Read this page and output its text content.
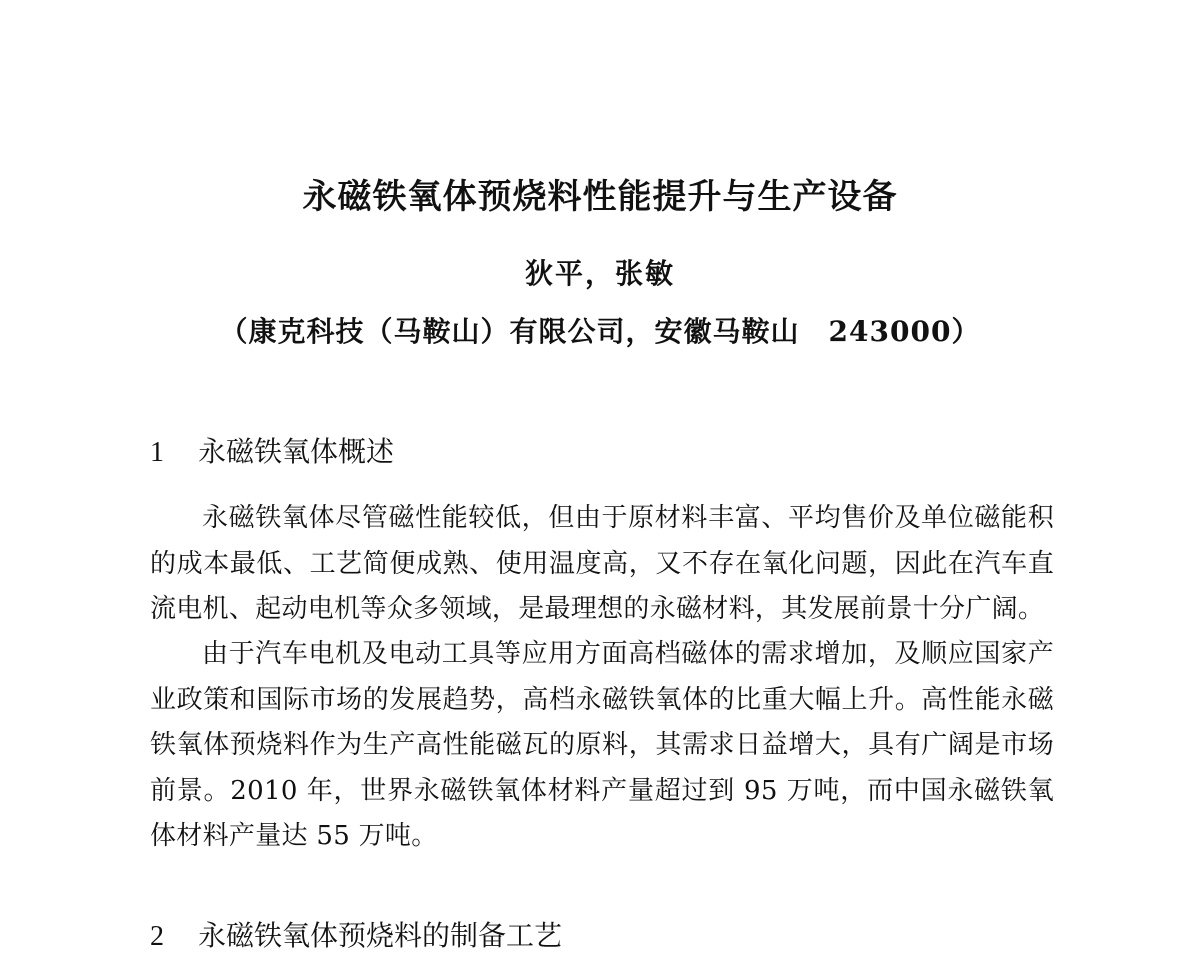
永磁铁氧体预烧料性能提升与生产设备
狄平，张敏
（康克科技（马鞍山）有限公司，安徽马鞍山　243000）
1 永磁铁氧体概述

永磁铁氧体尽管磁性能较低，但由于原材料丰富、平均售价及单位磁能积的成本最低、工艺简便成熟、使用温度高，又不存在氧化问题，因此在汽车直流电机、起动电机等众多领域，是最理想的永磁材料，其发展前景十分广阔。

由于汽车电机及电动工具等应用方面高档磁体的需求增加，及顺应国家产业政策和国际市场的发展趋势，高档永磁铁氧体的比重大幅上升。高性能永磁铁氧体预烧料作为生产高性能磁瓦的原料，其需求日益增大，具有广阔是市场前景。2010 年，世界永磁铁氧体材料产量超过到 95 万吨，而中国永磁铁氧体材料产量达 55 万吨。

2 永磁铁氧体预烧料的制备工艺
